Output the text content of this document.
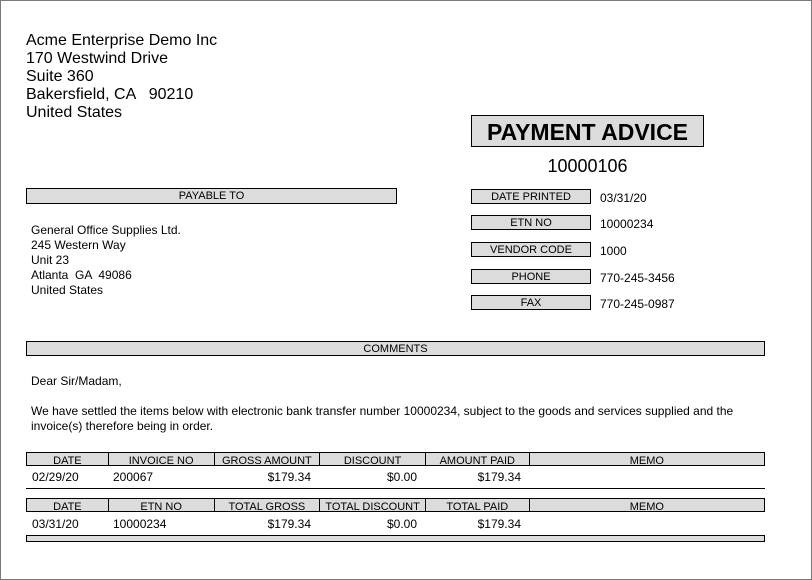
Acme Enterprise Demo Inc
170 Westwind Drive
Suite 360
Bakersfield, CA   90210
United States
PAYMENT ADVICE
10000106
PAYABLE TO
General Office Supplies Ltd.
245 Western Way
Unit 23
Atlanta  GA  49086
United States
DATE PRINTED	03/31/20
ETN NO	10000234
VENDOR CODE	1000
PHONE	770-245-3456
FAX	770-245-0987
COMMENTS
Dear Sir/Madam,
We have settled the items below with electronic bank transfer number 10000234, subject to the goods and services supplied and the invoice(s) therefore being in order.
DATE	INVOICE NO	GROSS AMOUNT	DISCOUNT	AMOUNT PAID	MEMO
02/29/20	200067	$179.34	$0.00	$179.34
DATE	ETN NO	TOTAL GROSS	TOTAL DISCOUNT	TOTAL PAID	MEMO
03/31/20	10000234	$179.34	$0.00	$179.34
